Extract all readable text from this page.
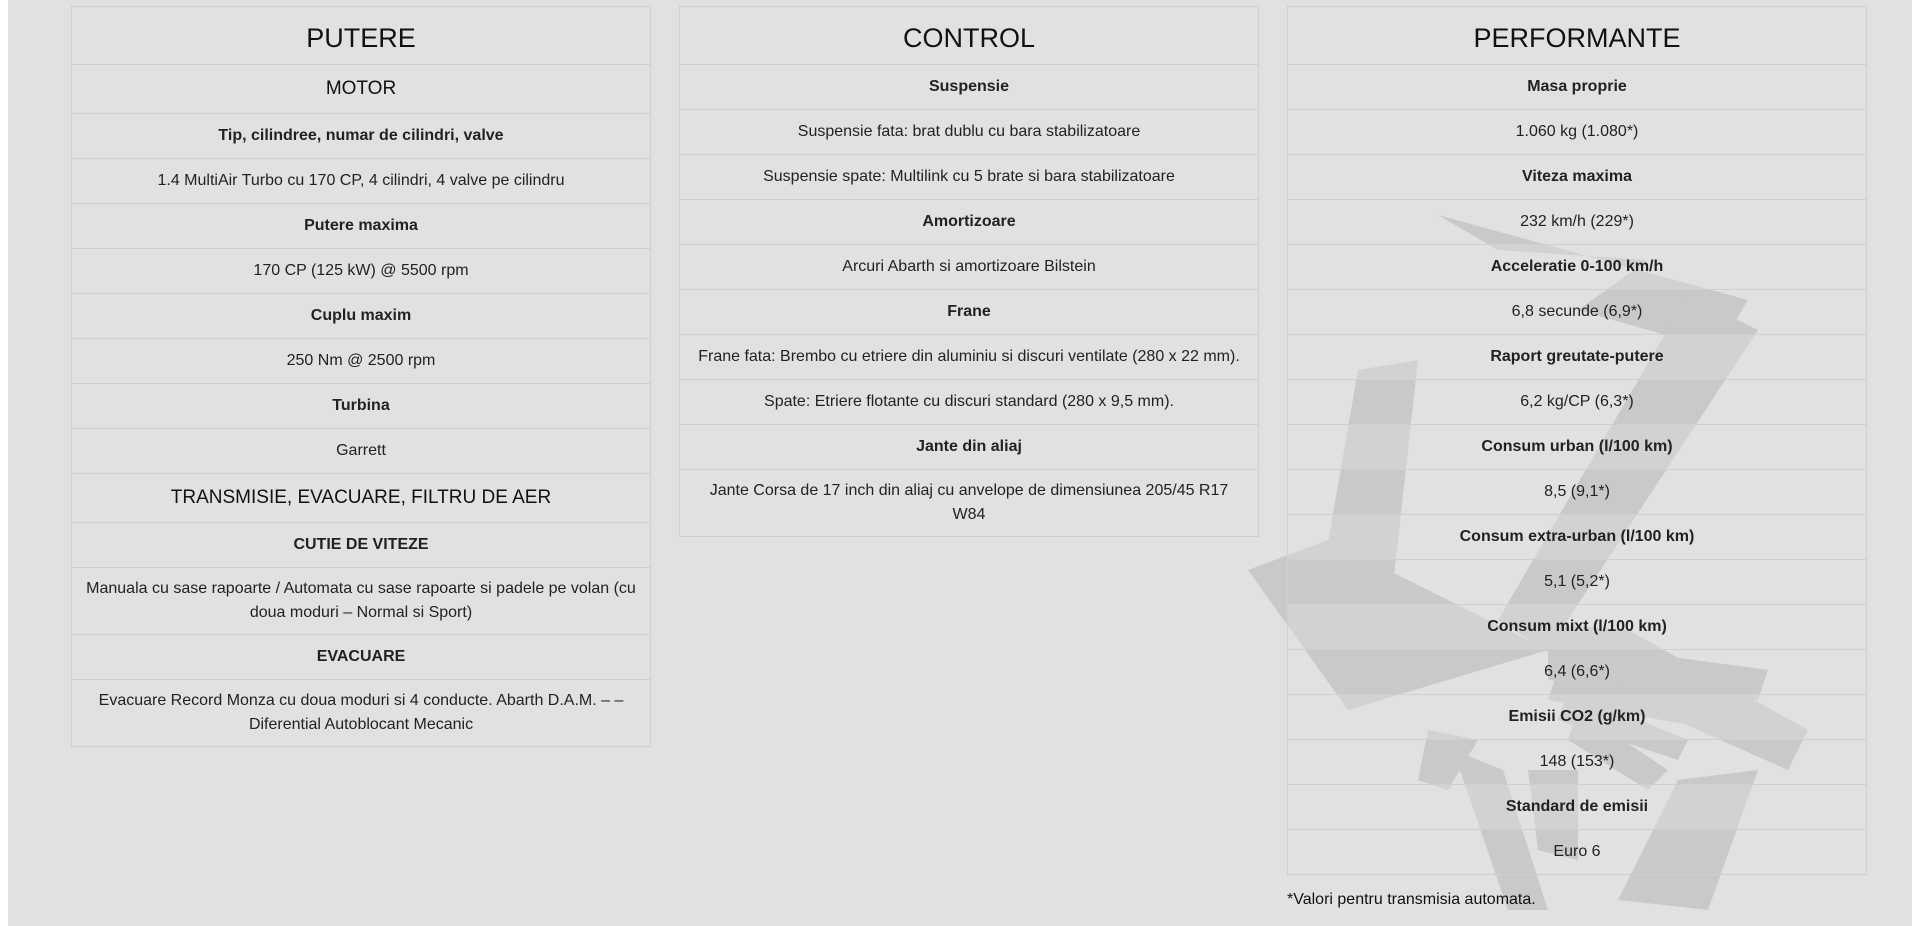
PUTERE
MOTOR
Tip, cilindree, numar de cilindri, valve
1.4 MultiAir Turbo cu 170 CP, 4 cilindri, 4 valve pe cilindru
Putere maxima
170 CP (125 kW) @ 5500 rpm
Cuplu maxim
250 Nm @ 2500 rpm
Turbina
Garrett
TRANSMISIE, EVACUARE, FILTRU DE AER
CUTIE DE VITEZE
Manuala cu sase rapoarte / Automata cu sase rapoarte si padele pe volan (cu doua moduri – Normal si Sport)
EVACUARE
Evacuare Record Monza cu doua moduri si 4 conducte. Abarth D.A.M. – – Diferential Autoblocant Mecanic
CONTROL
Suspensie
Suspensie fata: brat dublu cu bara stabilizatoare
Suspensie spate: Multilink cu 5 brate si bara stabilizatoare
Amortizoare
Arcuri Abarth si amortizoare Bilstein
Frane
Frane fata: Brembo cu etriere din aluminiu si discuri ventilate (280 x 22 mm).
Spate: Etriere flotante cu discuri standard (280 x 9,5 mm).
Jante din aliaj
Jante Corsa de 17 inch din aliaj cu anvelope de dimensiunea 205/45 R17 W84
PERFORMANTE
Masa proprie
1.060 kg (1.080*)
Viteza maxima
232 km/h (229*)
Acceleratie 0-100 km/h
6,8 secunde (6,9*)
Raport greutate-putere
6,2 kg/CP (6,3*)
Consum urban (l/100 km)
8,5 (9,1*)
Consum extra-urban (l/100 km)
5,1 (5,2*)
Consum mixt (l/100 km)
6,4 (6,6*)
Emisii CO2 (g/km)
148 (153*)
Standard de emisii
Euro 6
*Valori pentru transmisia automata.
